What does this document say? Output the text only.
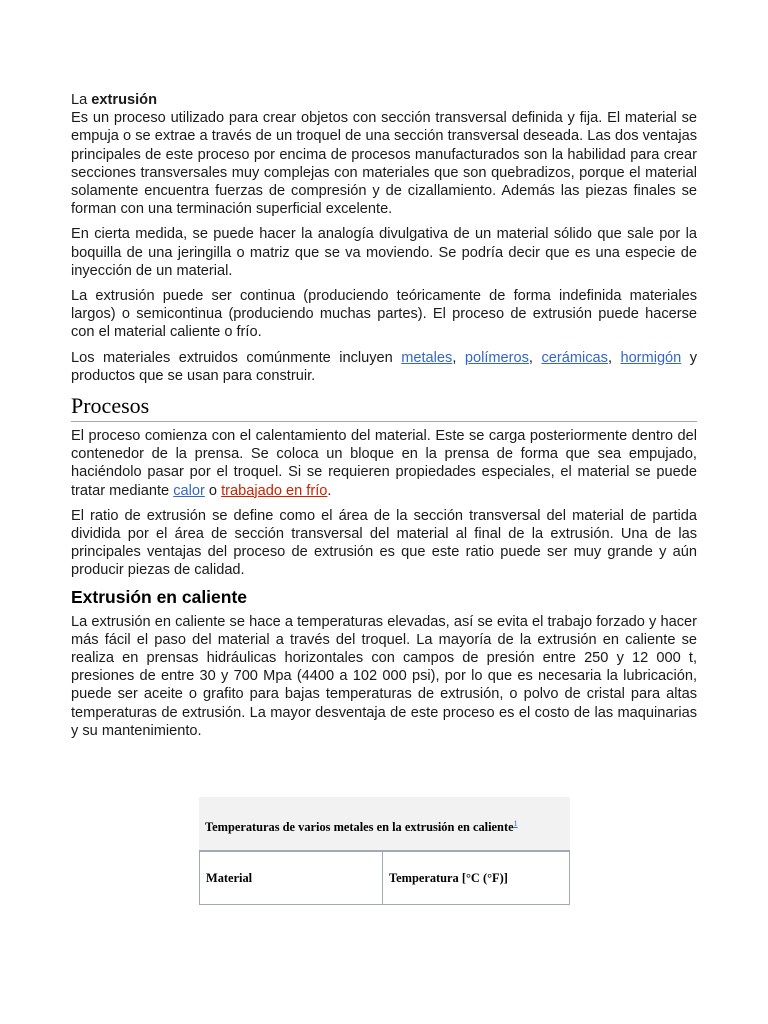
La extrusión

Es un proceso utilizado para crear objetos con sección transversal definida y fija. El material se empuja o se extrae a través de un troquel de una sección transversal deseada. Las dos ventajas principales de este proceso por encima de procesos manufacturados son la habilidad para crear secciones transversales muy complejas con materiales que son quebradizos, porque el material solamente encuentra fuerzas de compresión y de cizallamiento. Además las piezas finales se forman con una terminación superficial excelente.

En cierta medida, se puede hacer la analogía divulgativa de un material sólido que sale por la boquilla de una jeringilla o matriz que se va moviendo. Se podría decir que es una especie de inyección de un material.

La extrusión puede ser continua (produciendo teóricamente de forma indefinida materiales largos) o semicontinua (produciendo muchas partes). El proceso de extrusión puede hacerse con el material caliente o frío.

Los materiales extruidos comúnmente incluyen metales, polímeros, cerámicas, hormigón y productos que se usan para construir.

Procesos

El proceso comienza con el calentamiento del material. Este se carga posteriormente dentro del contenedor de la prensa. Se coloca un bloque en la prensa de forma que sea empujado, haciéndolo pasar por el troquel. Si se requieren propiedades especiales, el material se puede tratar mediante calor o trabajado en frío.

El ratio de extrusión se define como el área de la sección transversal del material de partida dividida por el área de sección transversal del material al final de la extrusión. Una de las principales ventajas del proceso de extrusión es que este ratio puede ser muy grande y aún producir piezas de calidad.

Extrusión en caliente

La extrusión en caliente se hace a temperaturas elevadas, así se evita el trabajo forzado y hacer más fácil el paso del material a través del troquel. La mayoría de la extrusión en caliente se realiza en prensas hidráulicas horizontales con campos de presión entre 250 y 12 000 t, presiones de entre 30 y 700 Mpa (4400 a 102 000 psi), por lo que es necesaria la lubricación, puede ser aceite o grafito para bajas temperaturas de extrusión, o polvo de cristal para altas temperaturas de extrusión. La mayor desventaja de este proceso es el costo de las maquinarias y su mantenimiento.

Temperaturas de varios metales en la extrusión en caliente$^1$
Material	Temperatura [°C (°F)]
